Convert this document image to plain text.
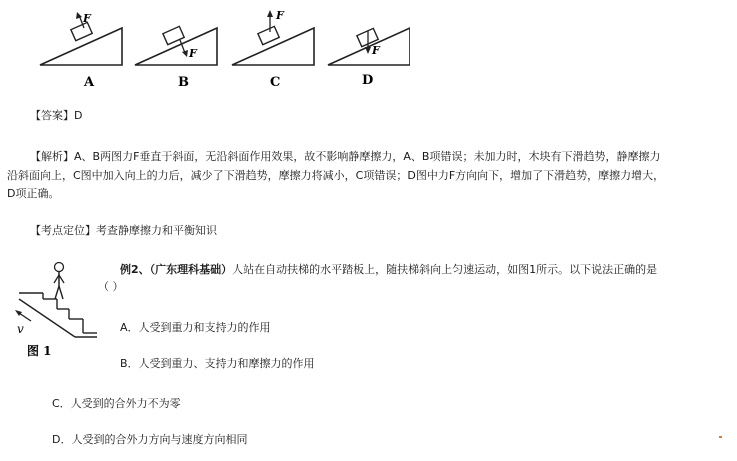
F
F
F
F
A	B	C	D
【答案】D
【解析】A、B两图力F垂直于斜面，无沿斜面作用效果，故不影响静摩擦力，A、B项错误；未加力时，木块有下滑趋势，静摩擦力
沿斜面向上，C图中加入向上的力后，减少了下滑趋势，摩擦力将减小，C项错误；D图中力F方向向下，增加了下滑趋势，摩擦力增大，
D项正确。
【考点定位】考查静摩擦力和平衡知识
v
图 1
例2、（广东理科基础）人站在自动扶梯的水平踏板上，随扶梯斜向上匀速运动，如图1所示。以下说法正确的是
（ ）
A．人受到重力和支持力的作用
B．人受到重力、支持力和摩擦力的作用
C．人受到的合外力不为零
D．人受到的合外力方向与速度方向相同
